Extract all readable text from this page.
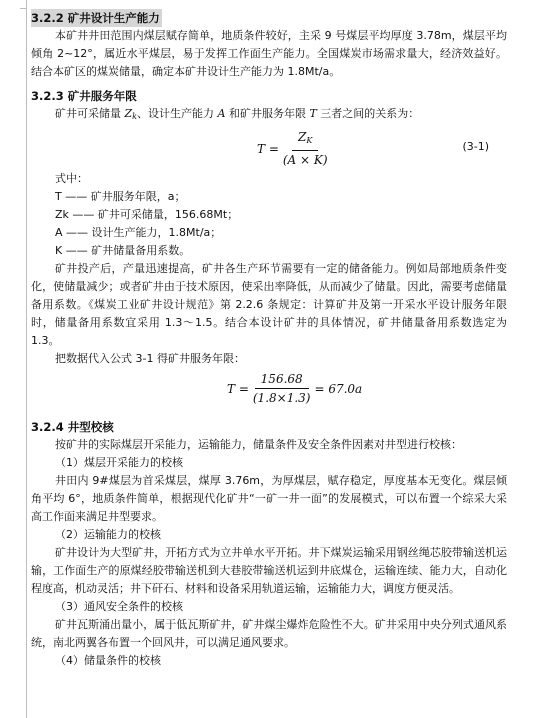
3.2.2 矿井设计生产能力

本矿井井田范围内煤层赋存简单，地质条件较好，主采 9 号煤层平均厚度 3.78m，煤层平均倾角 2~12°，属近水平煤层，易于发挥工作面生产能力。全国煤炭市场需求量大，经济效益好。结合本矿区的煤炭储量，确定本矿井设计生产能力为 1.8Mt/a。

3.2.3 矿井服务年限

矿井可采储量 $Z_k$、设计生产能力 A 和矿井服务年限 T 三者之间的关系为：

$T = \frac{Z_K}{(A \times K)}$	(3-1)

式中：

T —— 矿井服务年限，a；

Zk —— 矿井可采储量，156.68Mt；

A —— 设计生产能力，1.8Mt/a；

K —— 矿井储量备用系数。

矿井投产后，产量迅速提高，矿井各生产环节需要有一定的储备能力。例如局部地质条件变化，使储量减少；或者矿井由于技术原因，使采出率降低，从而减少了储量。因此，需要考虑储量备用系数。《煤炭工业矿井设计规范》第 2.2.6 条规定：计算矿井及第一开采水平设计服务年限时，储量备用系数宜采用 1.3～1.5。结合本设计矿井的具体情况，矿井储量备用系数选定为 1.3。

把数据代入公式 3-1 得矿井服务年限：

$T = \frac{156.68}{(1.8\times 1.3)} = 67.0a$

3.2.4 井型校核

按矿井的实际煤层开采能力，运输能力，储量条件及安全条件因素对井型进行校核：

（1）煤层开采能力的校核

井田内 9#煤层为首采煤层，煤厚 3.76m，为厚煤层，赋存稳定，厚度基本无变化。煤层倾角平均 6°，地质条件简单，根据现代化矿井“一矿一井一面”的发展模式，可以布置一个综采大采高工作面来满足井型要求。

（2）运输能力的校核

矿井设计为大型矿井，开拓方式为立井单水平开拓。井下煤炭运输采用钢丝绳芯胶带输送机运输，工作面生产的原煤经胶带输送机到大巷胶带输送机运到井底煤仓，运输连续、能力大，自动化程度高，机动灵活；井下矸石、材料和设备采用轨道运输，运输能力大，调度方便灵活。

（3）通风安全条件的校核

矿井瓦斯涌出量小，属于低瓦斯矿井，矿井煤尘爆炸危险性不大。矿井采用中央分列式通风系统，南北两翼各布置一个回风井，可以满足通风要求。

（4）储量条件的校核
